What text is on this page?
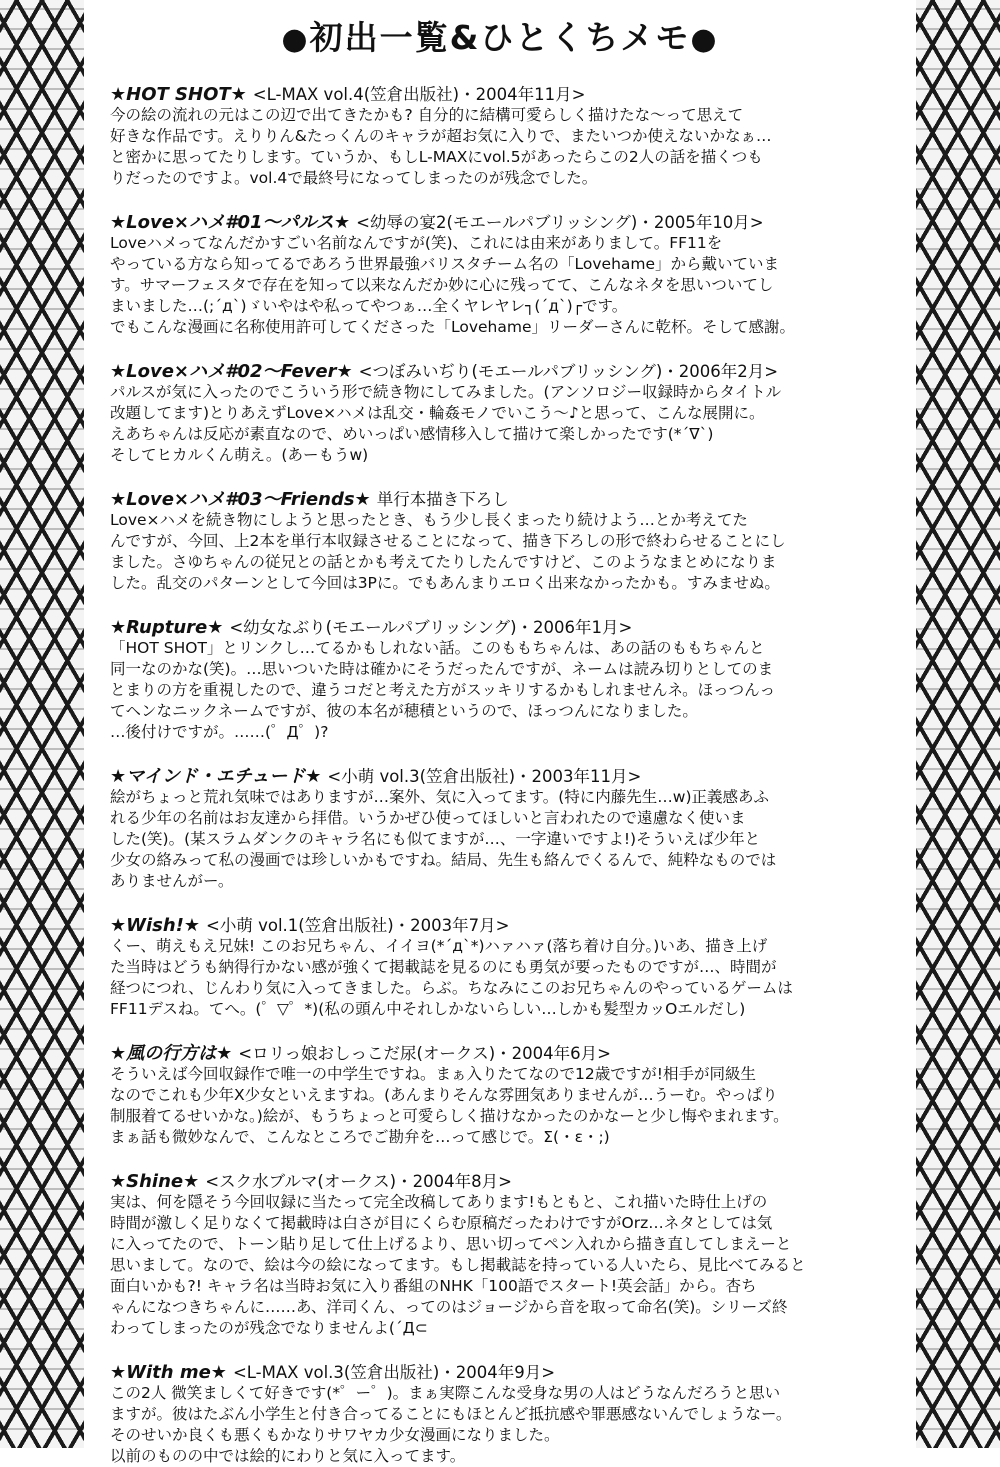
●初出一覧&ひとくちメモ●
★HOT SHOT★ <L-MAX vol.4(笠倉出版社)・2004年11月>

今の絵の流れの元はこの辺で出てきたかも? 自分的に結構可愛らしく描けたな〜って思えて

好きな作品です。えりりん&たっくんのキャラが超お気に入りで、またいつか使えないかなぁ…

と密かに思ってたりします。ていうか、もしL-MAXにvol.5があったらこの2人の話を描くつも

りだったのですよ。vol.4で最終号になってしまったのが残念でした。

★Love×ハメ#01〜パルス★ <幼辱の宴2(モエールパブリッシング)・2005年10月>

Loveハメってなんだかすごい名前なんですが(笑)、これには由来がありまして。FF11を

やっている方なら知ってるであろう世界最強バリスタチーム名の「Lovehame」から戴いていま

す。サマーフェスタで存在を知って以来なんだか妙に心に残ってて、こんなネタを思いついてし

まいました…(;´д`)ゞいやはや私ってやつぁ…全くヤレヤレ┐(´д`)┌です。

でもこんな漫画に名称使用許可してくださった「Lovehame」リーダーさんに乾杯。そして感謝。

★Love×ハメ#02〜Fever★ <つぼみいぢり(モエールパブリッシング)・2006年2月>

パルスが気に入ったのでこういう形で続き物にしてみました。(アンソロジー収録時からタイトル

改題してます)とりあえずLove×ハメは乱交・輪姦モノでいこう〜♪と思って、こんな展開に。

えあちゃんは反応が素直なので、めいっぱい感情移入して描けて楽しかったです(*´∇`)

そしてヒカルくん萌え。(あーもうw)

★Love×ハメ#03〜Friends★ 単行本描き下ろし

Love×ハメを続き物にしようと思ったとき、もう少し長くまったり続けよう…とか考えてた

んですが、今回、上2本を単行本収録させることになって、描き下ろしの形で終わらせることにし

ました。さゆちゃんの従兄との話とかも考えてたりしたんですけど、このようなまとめになりま

した。乱交のパターンとして今回は3Pに。でもあんまりエロく出来なかったかも。すみませぬ。

★Rupture★ <幼女なぶり(モエールパブリッシング)・2006年1月>

「HOT SHOT」とリンクし…てるかもしれない話。このももちゃんは、あの話のももちゃんと

同一なのかな(笑)。…思いついた時は確かにそうだったんですが、ネームは読み切りとしてのま

とまりの方を重視したので、違うコだと考えた方がスッキリするかもしれませんネ。ほっつんっ

てヘンなニックネームですが、彼の本名が穂積というので、ほっつんになりました。

…後付けですが。……(゜Д゜)?

★マインド・エチュード★ <小萌 vol.3(笠倉出版社)・2003年11月>

絵がちょっと荒れ気味ではありますが…案外、気に入ってます。(特に内藤先生…w)正義感あふ

れる少年の名前はお友達から拝借。いうかぜひ使ってほしいと言われたので遠慮なく使いま

した(笑)。(某スラムダンクのキャラ名にも似てますが…、一字違いですよ!)そういえば少年と

少女の絡みって私の漫画では珍しいかもですね。結局、先生も絡んでくるんで、純粋なものでは

ありませんがー。

★Wish!★ <小萌 vol.1(笠倉出版社)・2003年7月>

くー、萌えもえ兄妹! このお兄ちゃん、イイヨ(*´д`*)ハァハァ(落ち着け自分。)いあ、描き上げ

た当時はどうも納得行かない感が強くて掲載誌を見るのにも勇気が要ったものですが…、時間が

経つにつれ、じんわり気に入ってきました。らぶ。ちなみにこのお兄ちゃんのやっているゲームは

FF11デスね。てへ。(゜▽゜*)(私の頭ん中それしかないらしい…しかも髪型カッOエルだし)

★風の行方は★ <ロリっ娘おしっこだ尿(オークス)・2004年6月>

そういえば今回収録作で唯一の中学生ですね。まぁ入りたてなので12歳ですが!相手が同級生

なのでこれも少年X少女といえますね。(あんまりそんな雰囲気ありませんが…うーむ。やっぱり

制服着てるせいかな。)絵が、もうちょっと可愛らしく描けなかったのかなーと少し悔やまれます。

まぁ話も微妙なんで、こんなところでご勘弁を…って感じで。Σ(・ε・;)

★Shine★ <スク水ブルマ(オークス)・2004年8月>

実は、何を隠そう今回収録に当たって完全改稿してあります!もともと、これ描いた時仕上げの

時間が激しく足りなくて掲載時は白さが目にくらむ原稿だったわけですがOrz…ネタとしては気

に入ってたので、トーン貼り足して仕上げるより、思い切ってペン入れから描き直してしまえーと

思いまして。なので、絵は今の絵になってます。もし掲載誌を持っている人いたら、見比べてみると

面白いかも?! キャラ名は当時お気に入り番組のNHK「100語でスタート!英会話」から。杏ち

ゃんになつきちゃんに……あ、洋司くん、ってのはジョージから音を取って命名(笑)。シリーズ終

わってしまったのが残念でなりませんよ(´Д⊂

★With me★ <L-MAX vol.3(笠倉出版社)・2004年9月>

この2人 微笑ましくて好きです(*゜ー゜)。まぁ実際こんな受身な男の人はどうなんだろうと思い

ますが。彼はたぶん小学生と付き合ってることにもほとんど抵抗感や罪悪感ないんでしょうなー。

そのせいか良くも悪くもかなりサワヤカ少女漫画になりました。

以前のものの中では絵的にわりと気に入ってます。
